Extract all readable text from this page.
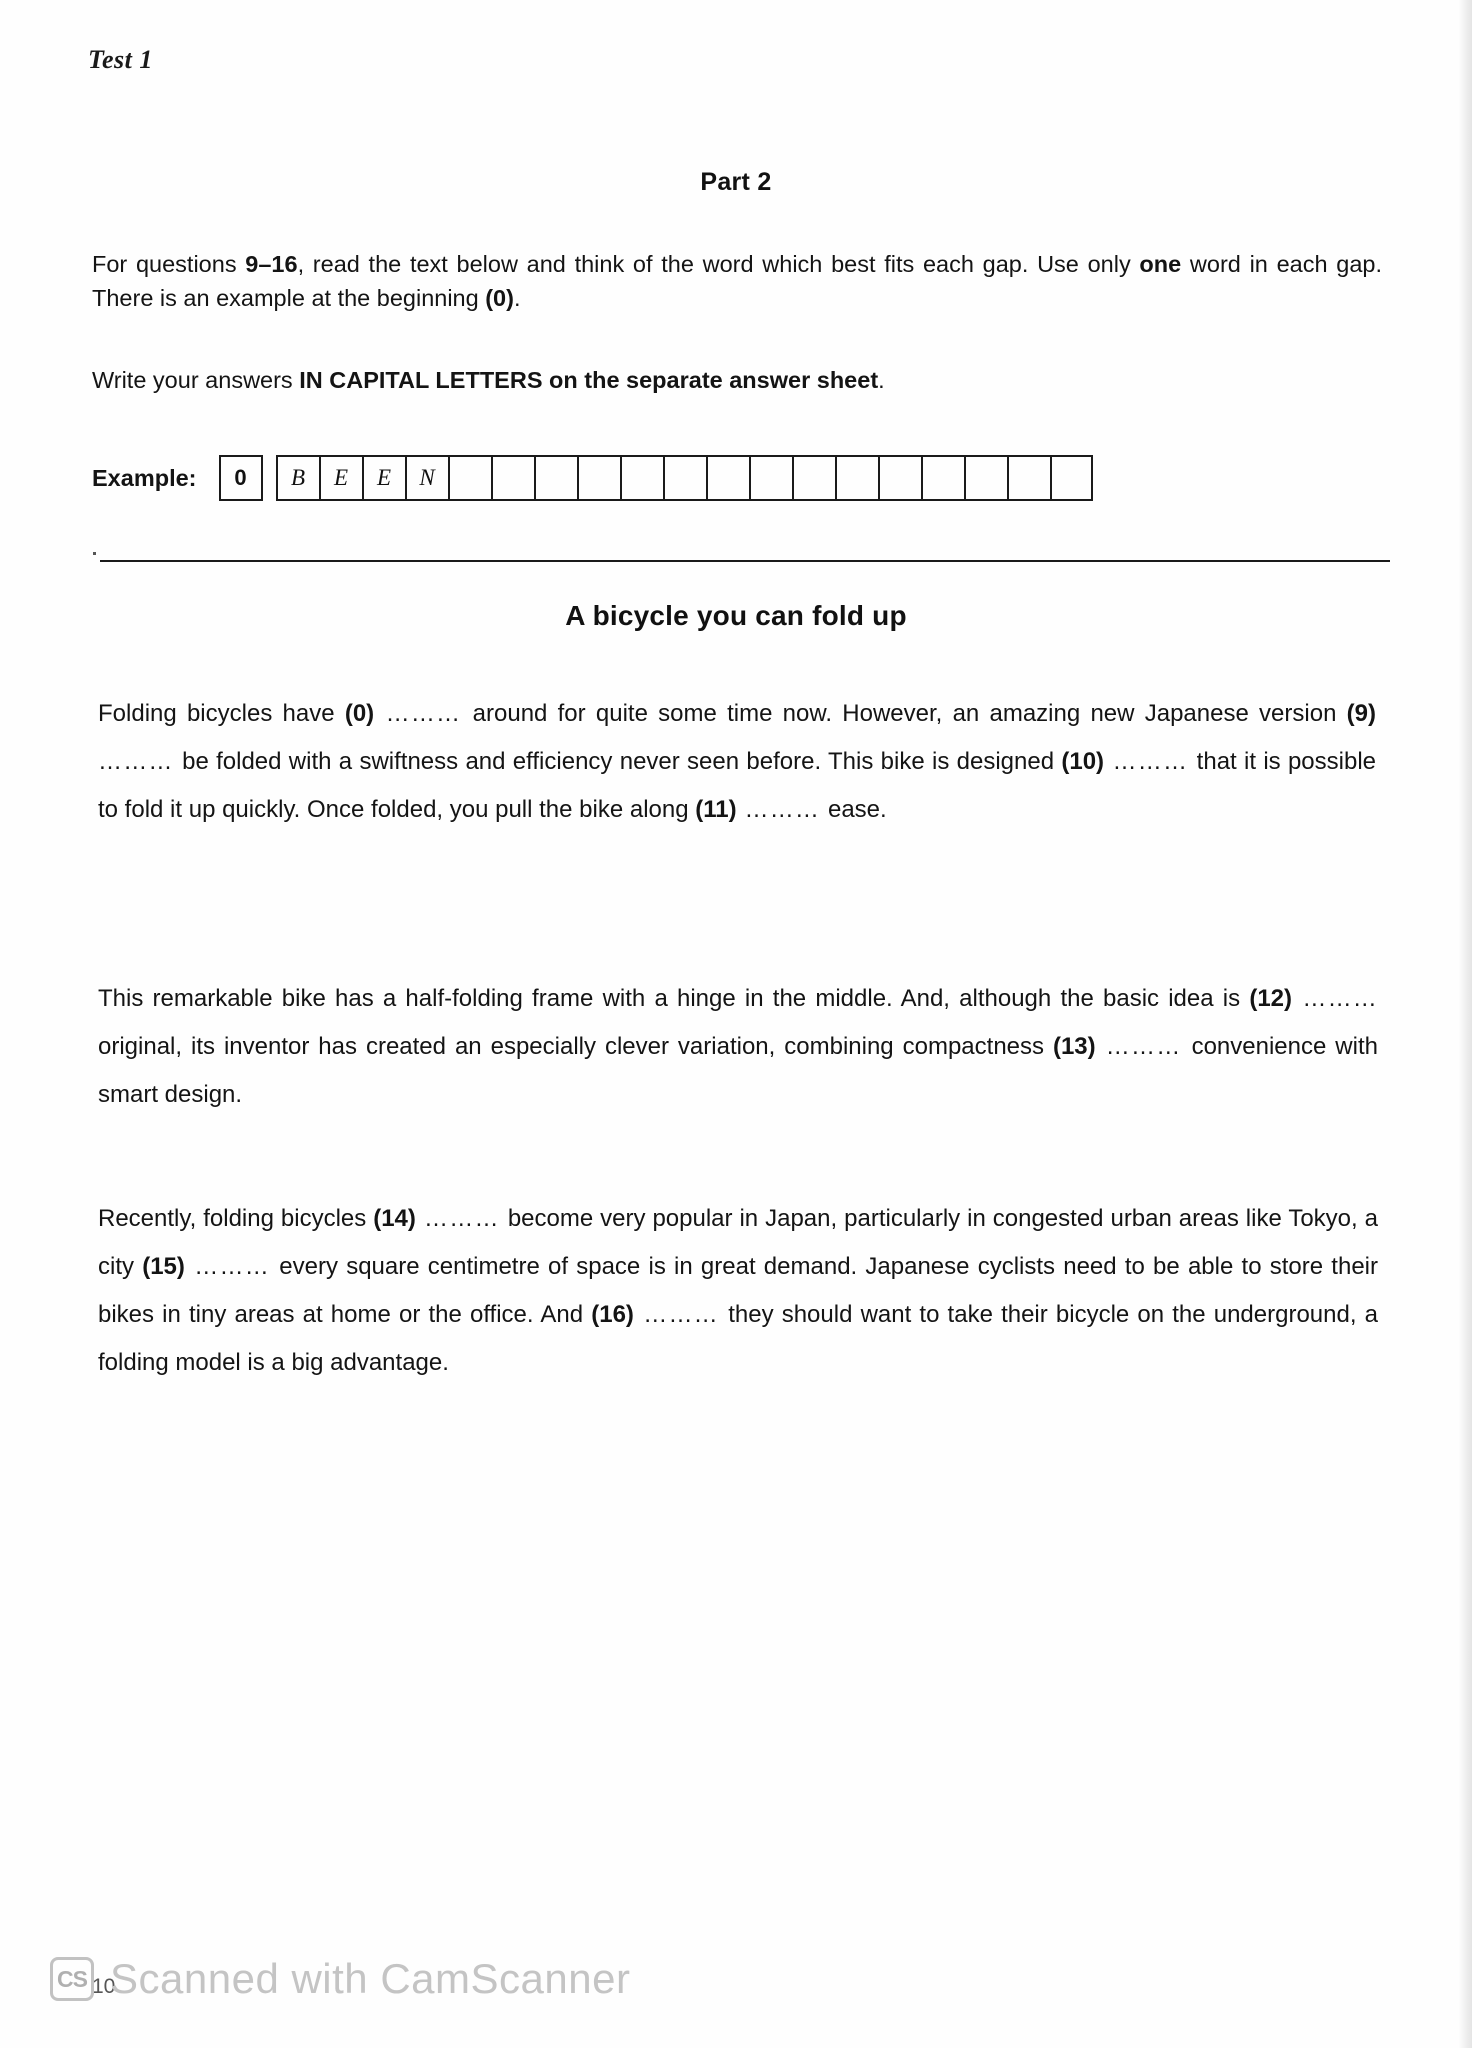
Test 1
Part 2
For questions 9–16, read the text below and think of the word which best fits each gap. Use only one word in each gap. There is an example at the beginning (0).
Write your answers IN CAPITAL LETTERS on the separate answer sheet.
Example:	0	B	E	E	N
A bicycle you can fold up
Folding bicycles have (0) ……… around for quite some time now. However, an amazing new Japanese version (9) ……… be folded with a swiftness and efficiency never seen before. This bike is designed (10) ……… that it is possible to fold it up quickly. Once folded, you pull the bike along (11) ……… ease.
This remarkable bike has a half-folding frame with a hinge in the middle. And, although the basic idea is (12) ……… original, its inventor has created an especially clever variation, combining compactness (13) ……… convenience with smart design.
Recently, folding bicycles (14) ……… become very popular in Japan, particularly in congested urban areas like Tokyo, a city (15) ……… every square centimetre of space is in great demand. Japanese cyclists need to be able to store their bikes in tiny areas at home or the office. And (16) ……… they should want to take their bicycle on the underground, a folding model is a big advantage.
10
CS Scanned with CamScanner
